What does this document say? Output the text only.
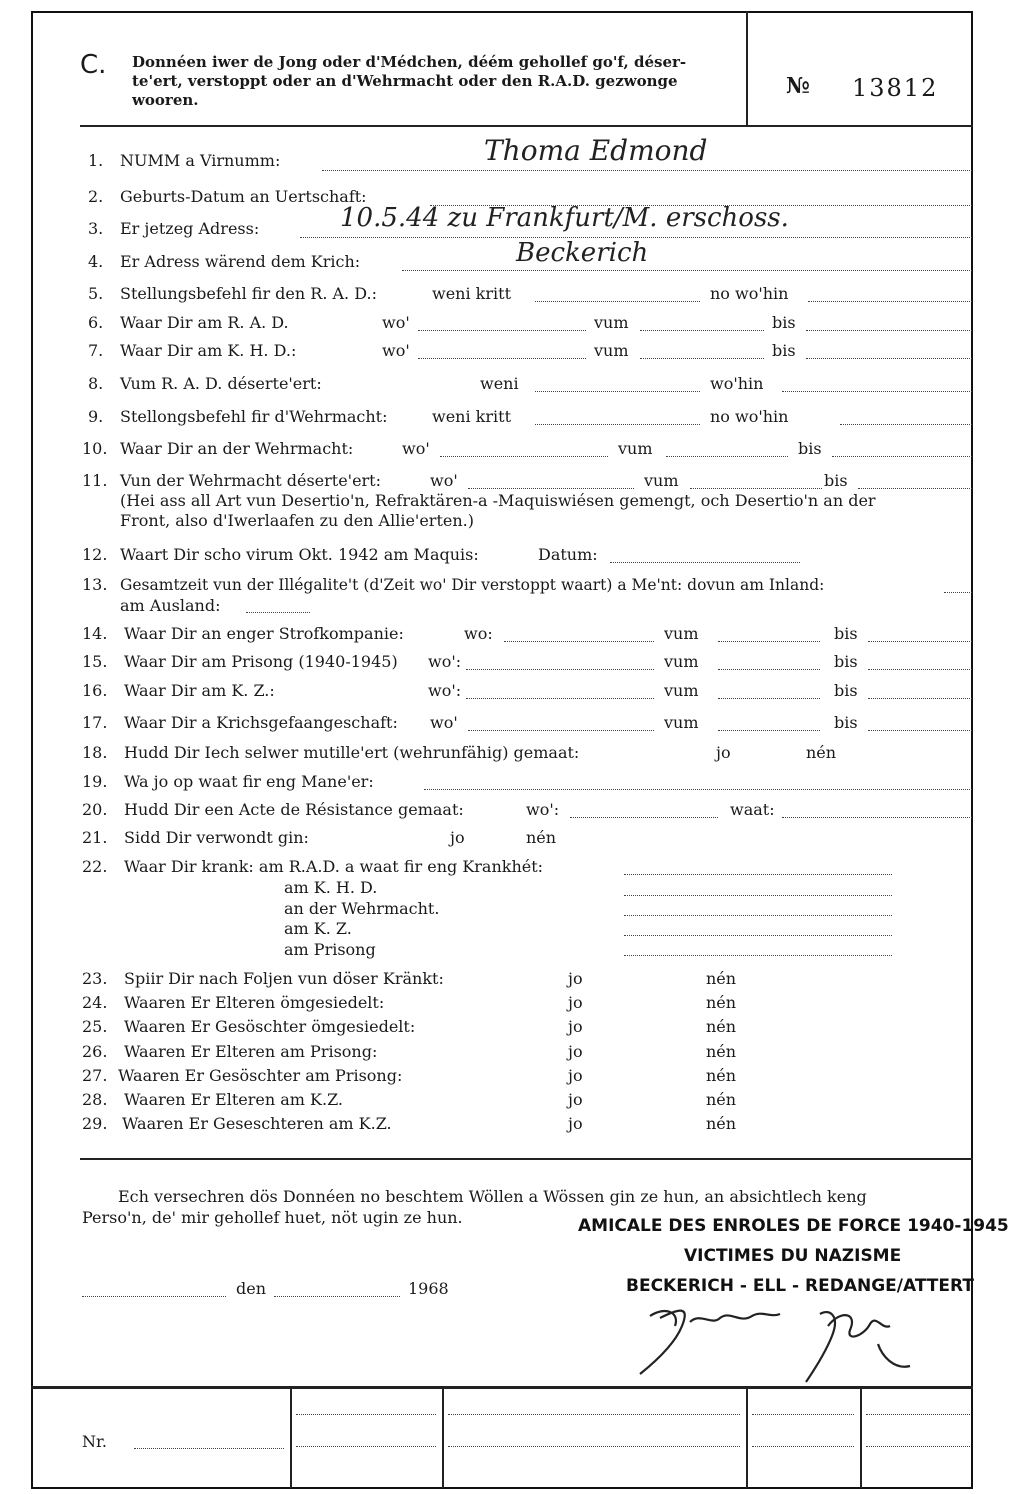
C. Donnéen iwer de Jong oder d'Médchen, déém gehollef go'f, déser-
te'ert, verstoppt oder an d'Wehrmacht oder den R.A.D. gezwonge
wooren.
№ 13812
1. NUMM a Virnumm:	Thoma Edmond
2. Geburts-Datum an Uertschaft:
3. Er jetzeg Adress:	10.5.44 zu Frankfurt/M. erschoss.
4. Er Adress wärend dem Krich:	Beckerich
5. Stellungsbefehl fir den R. A. D.:	weni kritt	no wo'hin
6. Waar Dir am R. A. D.	wo'	vum	bis
7. Waar Dir am K. H. D.:	wo'	vum	bis
8. Vum R. A. D. déserte'ert:	weni	wo'hin
9. Stellongsbefehl fir d'Wehrmacht:	weni kritt	no wo'hin
10. Waar Dir an der Wehrmacht:	wo'	vum	bis
11. Vun der Wehrmacht déserte'ert:	wo'	vum	bis
(Hei ass all Art vun Desertio'n, Refraktären-a -Maquiswiésen gemengt, och Desertio'n an der
Front, also d'Iwerlaafen zu den Allie'erten.)
12. Waart Dir scho virum Okt. 1942 am Maquis:	Datum:
13. Gesamtzeit vun der Illégalite't (d'Zeit wo' Dir verstoppt waart) a Me'nt: dovun am Inland:
am Ausland:
14. Waar Dir an enger Strofkompanie:	wo:	vum	bis
15. Waar Dir am Prisong (1940-1945) wo':	vum	bis
16. Waar Dir am K. Z.:	wo':	vum	bis
17. Waar Dir a Krichsgefaangeschaft: wo'	vum	bis
18. Hudd Dir Iech selwer mutille'ert (wehrunfähig) gemaat:	jo	nén
19. Wa jo op waat fir eng Mane'er:
20. Hudd Dir een Acte de Résistance gemaat:	wo':	waat:
21. Sidd Dir verwondt gin:	jo	nén
22. Waar Dir krank: am R.A.D. a waat fir eng Krankhét:
am K. H. D.
an der Wehrmacht.
am K. Z.
am Prisong
23. Spiir Dir nach Foljen vun döser Kränkt:	jo	nén
24. Waaren Er Elteren ömgesiedelt:	jo	nén
25. Waaren Er Gesöschter ömgesiedelt:	jo	nén
26. Waaren Er Elteren am Prisong:	jo	nén
27. Waaren Er Gesöschter am Prisong:	jo	nén
28. Waaren Er Elteren am K.Z.	jo	nén
29. Waaren Er Geseschteren am K.Z.	jo	nén
Ech versechren dös Donnéen no beschtem Wöllen a Wössen gin ze hun, an absichtlech keng
Perso'n, de' mir gehollef huet, nöt ugin ze hun.	AMICALE DES ENROLES DE FORCE 1940-1945
VICTIMES DU NAZISME
BECKERICH - ELL - REDANGE/ATTERT
den	1968
Nr.
